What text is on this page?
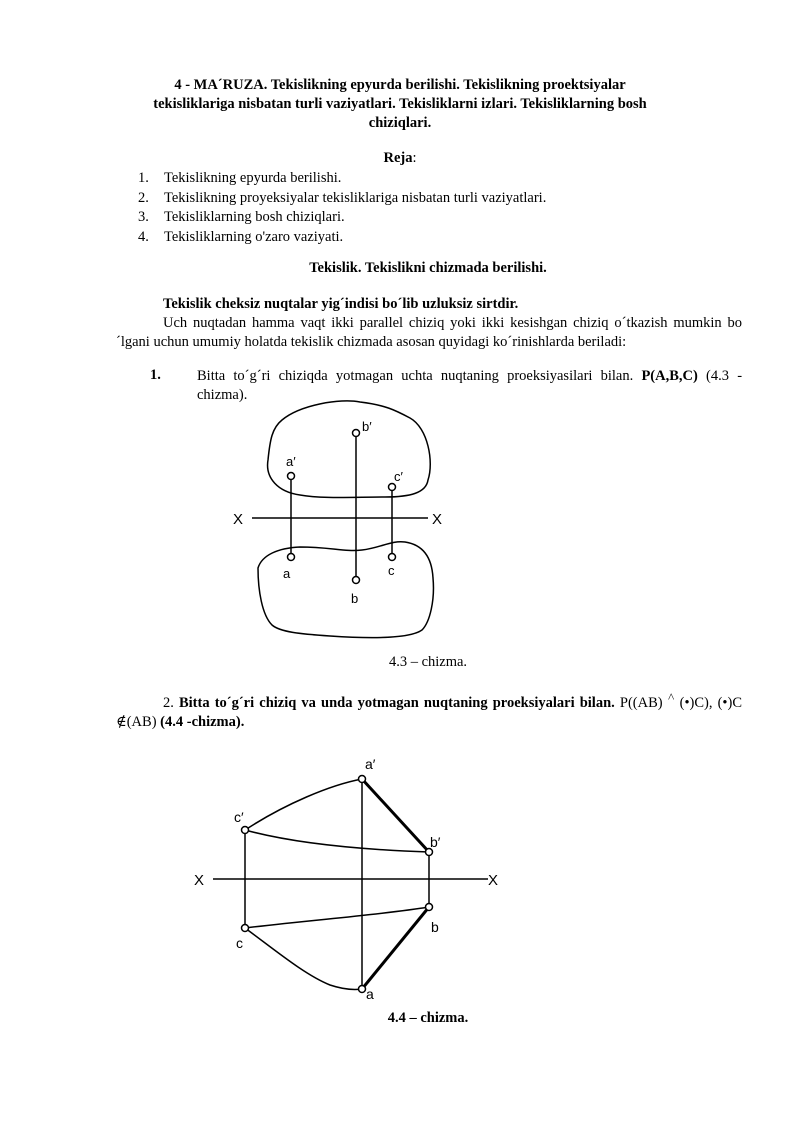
4 - MA´RUZA. Tekislikning epyurda berilishi. Tekislikning proektsiyalar
tekisliklariga nisbatan turli vaziyatlari. Tekisliklarni izlari. Tekisliklarning bosh
chiziqlari.
Reja:
1. Tekislikning epyurda berilishi.
2. Tekislikning proyeksiyalar tekisliklariga nisbatan turli vaziyatlari.
3. Tekisliklarning bosh chiziqlari.
4. Tekisliklarning o'zaro vaziyati.
Tekislik. Tekislikni chizmada berilishi.
Tekislik cheksiz nuqtalar yig´indisi bo´lib uzluksiz sirtdir.
Uch nuqtadan hamma vaqt ikki parallel chiziq yoki ikki kesishgan chiziq o´tkazish mumkin bo´lgani uchun umumiy holatda tekislik chizmada asosan quyidagi ko´rinishlarda beriladi:
1. Bitta to´g´ri chiziqda yotmagan uchta nuqtaning proeksiyasilari bilan. P(A,B,C) (4.3 - chizma).
X	X
a′
b′
c′
a
b
c
4.3 – chizma.
2. Bitta to´g´ri chiziq va unda yotmagan nuqtaning proeksiyalari bilan. P((AB) ˄ (•)C), (•)C ∉(AB) (4.4 -chizma).
X	X
a′
c′
b′
b
c
a
4.4 – chizma.
